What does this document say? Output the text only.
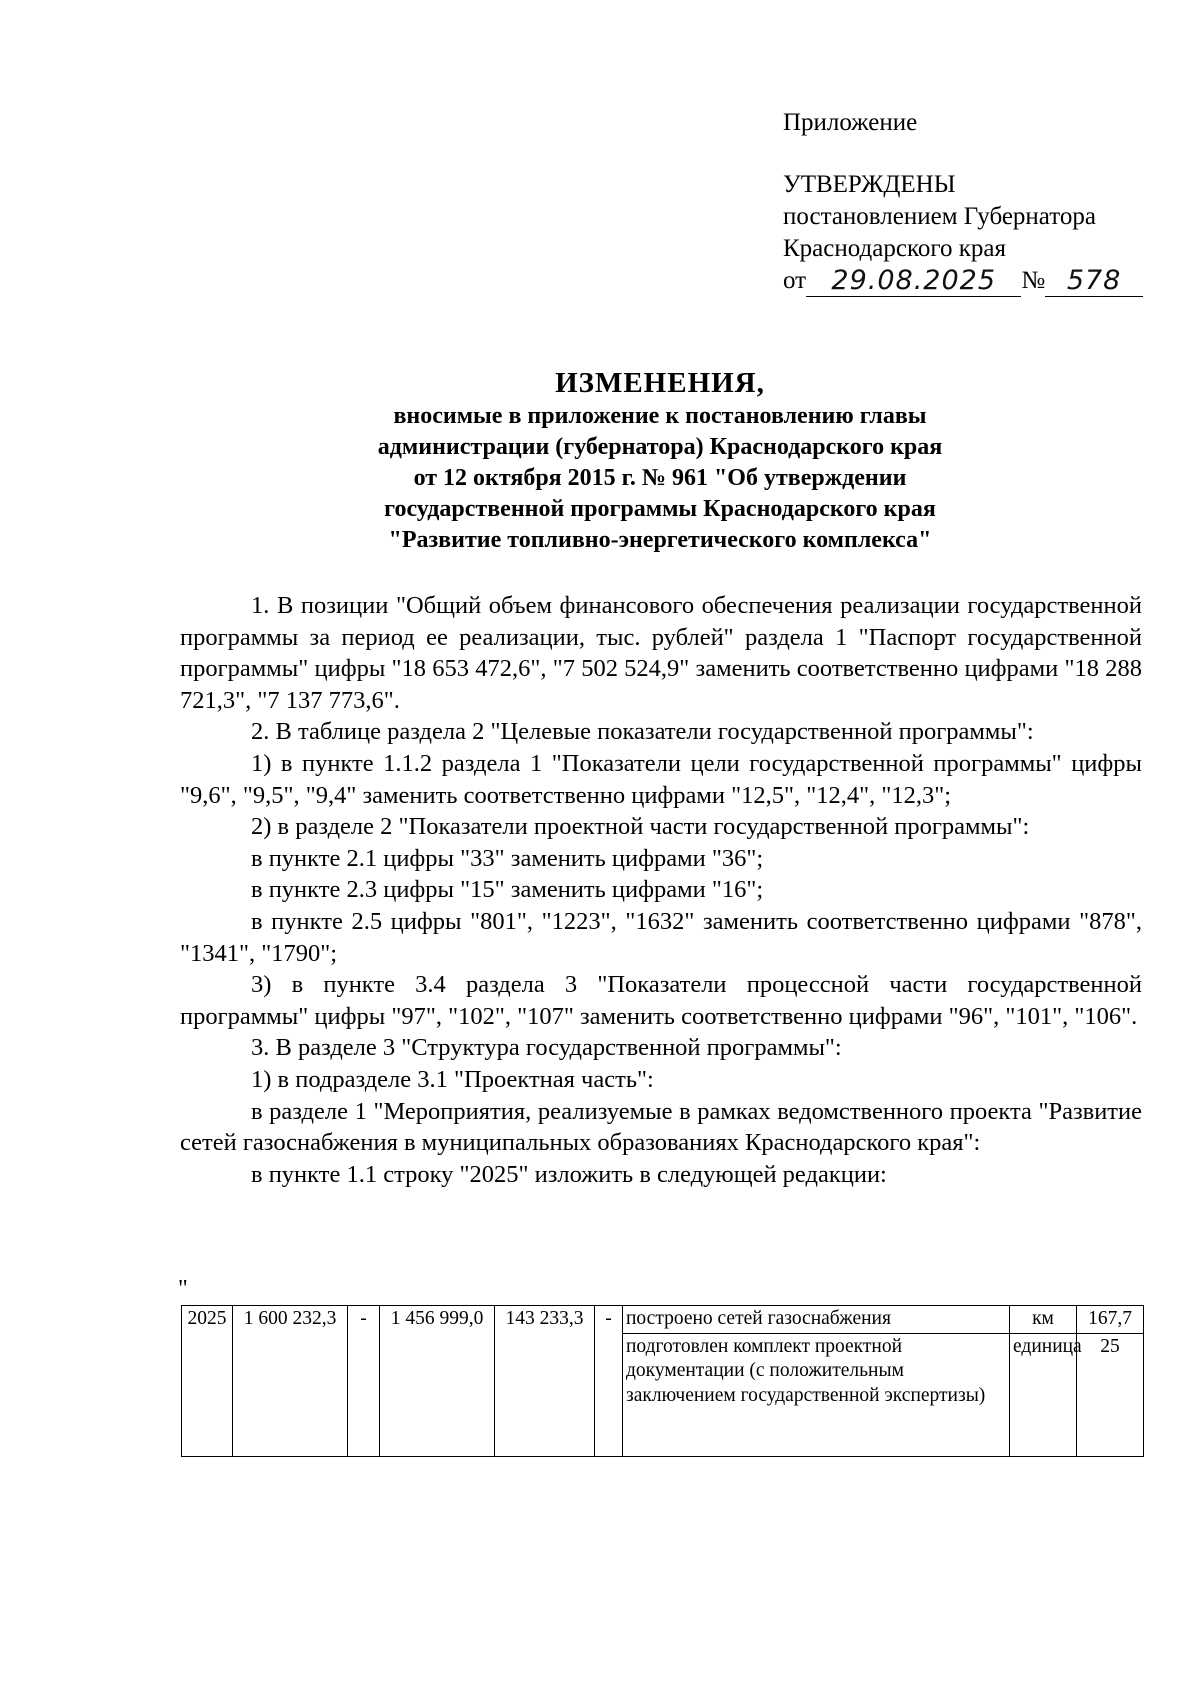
Приложение
УТВЕРЖДЕНЫ
постановлением Губернатора
Краснодарского края
от 29.08.2025	№ 578
ИЗМЕНЕНИЯ,
вносимые в приложение к постановлению главы
администрации (губернатора) Краснодарского края
от 12 октября 2015 г. № 961 "Об утверждении
государственной программы Краснодарского края
"Развитие топливно-энергетического комплекса"

1. В позиции "Общий объем финансового обеспечения реализации государственной программы за период ее реализации, тыс. рублей" раздела 1 "Паспорт государственной программы" цифры "18 653 472,6", "7 502 524,9" заменить соответственно цифрами "18 288 721,3", "7 137 773,6".

2. В таблице раздела 2 "Целевые показатели государственной программы":

1) в пункте 1.1.2 раздела 1 "Показатели цели государственной программы" цифры "9,6", "9,5", "9,4" заменить соответственно цифрами "12,5", "12,4", "12,3";

2) в разделе 2 "Показатели проектной части государственной программы":

в пункте 2.1 цифры "33" заменить цифрами "36";

в пункте 2.3 цифры "15" заменить цифрами "16";

в пункте 2.5 цифры "801", "1223", "1632" заменить соответственно цифрами "878", "1341", "1790";

3) в пункте 3.4 раздела 3 "Показатели процессной части государственной программы" цифры "97", "102", "107" заменить соответственно цифрами "96", "101", "106".

3. В разделе 3 "Структура государственной программы":

1) в подразделе 3.1 "Проектная часть":

в разделе 1 "Мероприятия, реализуемые в рамках ведомственного проекта "Развитие сетей газоснабжения в муниципальных образованиях Краснодарского края":

в пункте 1.1 строку "2025" изложить в следующей редакции:

"
2025	1 600 232,3	-	1 456 999,0	143 233,3	-	построено сетей газоснабжения	км	167,7
						подготовлен комплект проектной документации (с положительным заключением государственной экспертизы)	единица	25
